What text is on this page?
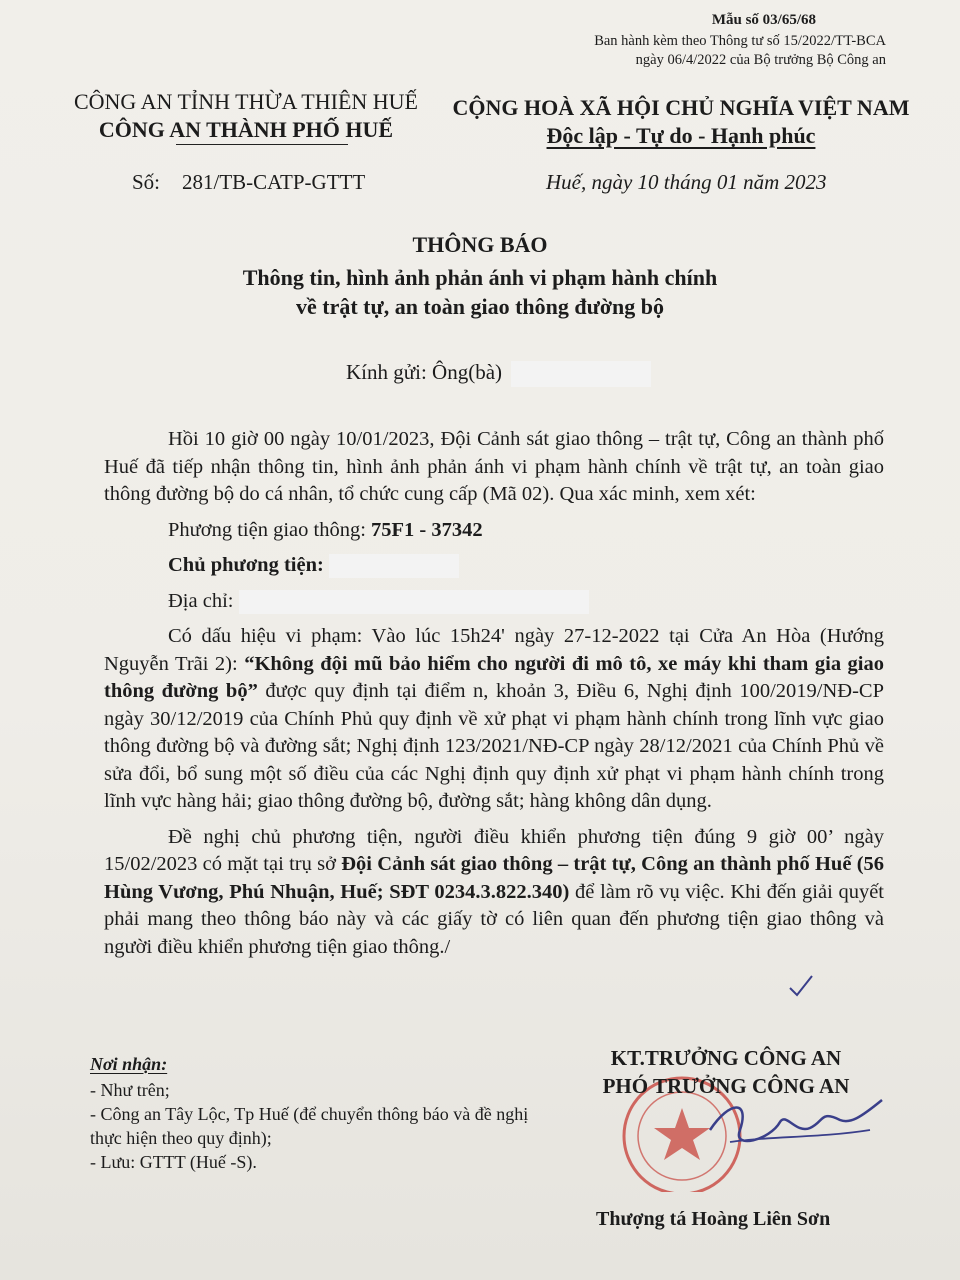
Mẫu số 03/65/68
Ban hành kèm theo Thông tư số 15/2022/TT-BCA
ngày 06/4/2022 của Bộ trưởng Bộ Công an
CÔNG AN TỈNH THỪA THIÊN HUẾ
CÔNG AN THÀNH PHỐ HUẾ
CỘNG HOÀ XÃ HỘI CHỦ NGHĨA VIỆT NAM
Độc lập - Tự do - Hạnh phúc
Số: 281/TB-CATP-GTTT	Huế, ngày 10 tháng 01 năm 2023
THÔNG BÁO
Thông tin, hình ảnh phản ánh vi phạm hành chính
về trật tự, an toàn giao thông đường bộ
Kính gửi: Ông(bà)

Hồi 10 giờ 00 ngày 10/01/2023, Đội Cảnh sát giao thông – trật tự, Công an thành phố Huế đã tiếp nhận thông tin, hình ảnh phản ánh vi phạm hành chính về trật tự, an toàn giao thông đường bộ do cá nhân, tổ chức cung cấp (Mã 02). Qua xác minh, xem xét:

Phương tiện giao thông: 75F1 - 37342
Chủ phương tiện:
Địa chỉ:

Có dấu hiệu vi phạm: Vào lúc 15h24' ngày 27-12-2022 tại Cửa An Hòa (Hướng Nguyễn Trãi 2): “Không đội mũ bảo hiểm cho người đi mô tô, xe máy khi tham gia giao thông đường bộ” được quy định tại điểm n, khoản 3, Điều 6, Nghị định 100/2019/NĐ-CP ngày 30/12/2019 của Chính Phủ quy định về xử phạt vi phạm hành chính trong lĩnh vực giao thông đường bộ và đường sắt; Nghị định 123/2021/NĐ-CP ngày 28/12/2021 của Chính Phủ về sửa đổi, bổ sung một số điều của các Nghị định quy định xử phạt vi phạm hành chính trong lĩnh vực hàng hải; giao thông đường bộ, đường sắt; hàng không dân dụng.

Đề nghị chủ phương tiện, người điều khiển phương tiện đúng 9 giờ 00’ ngày 15/02/2023 có mặt tại trụ sở Đội Cảnh sát giao thông – trật tự, Công an thành phố Huế (56 Hùng Vương, Phú Nhuận, Huế; SĐT 0234.3.822.340) để làm rõ vụ việc. Khi đến giải quyết phải mang theo thông báo này và các giấy tờ có liên quan đến phương tiện giao thông và người điều khiển phương tiện giao thông./

Nơi nhận:
- Như trên;
- Công an Tây Lộc, Tp Huế (để chuyển thông báo và đề nghị thực hiện theo quy định);
- Lưu: GTTT (Huế -S).
KT.TRƯỞNG CÔNG AN
PHÓ TRƯỞNG CÔNG AN
Thượng tá Hoàng Liên Sơn
